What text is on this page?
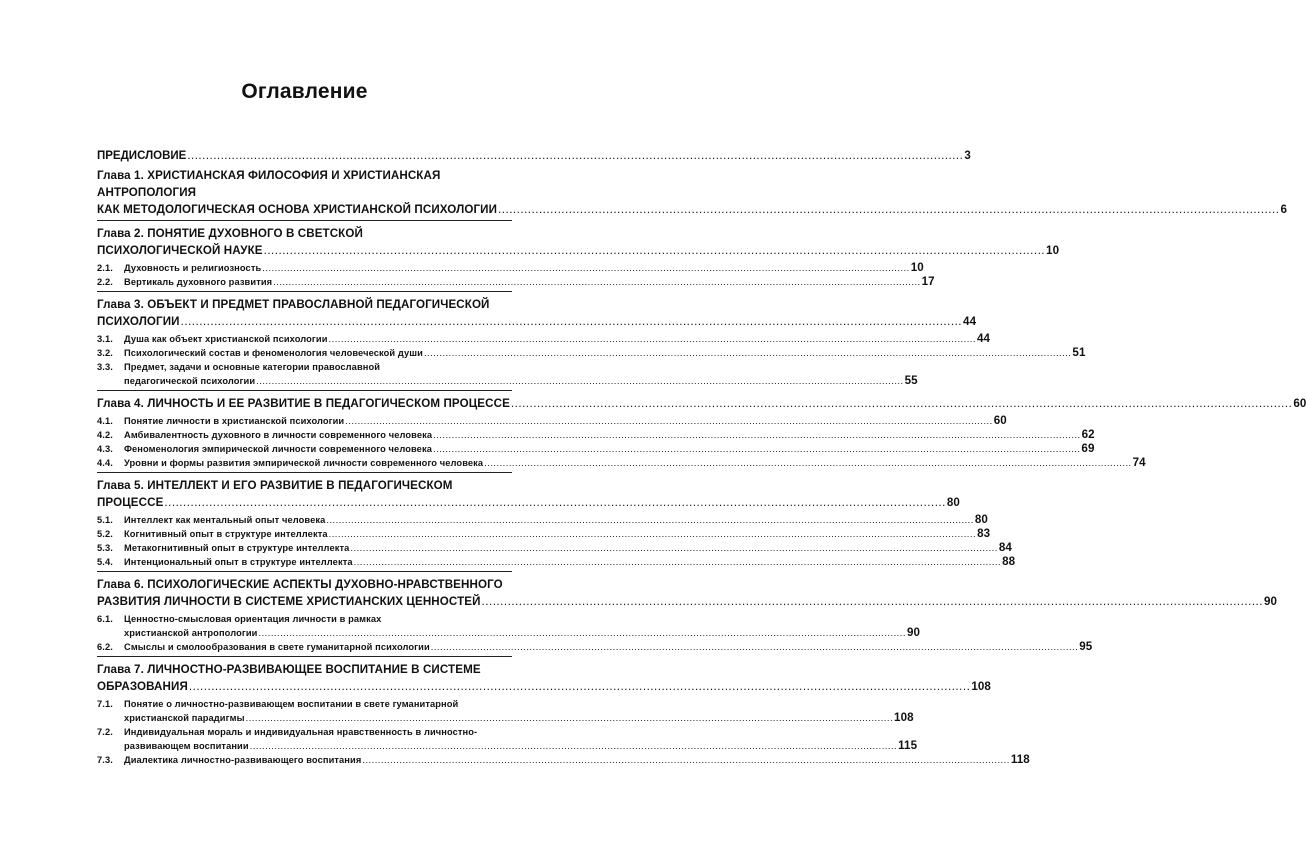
Оглавление
ПРЕДИСЛОВИЕ .....	3
Глава 1. ХРИСТИАНСКАЯ ФИЛОСОФИЯ И ХРИСТИАНСКАЯ АНТРОПОЛОГИЯ
КАК МЕТОДОЛОГИЧЕСКАЯ ОСНОВА ХРИСТИАНСКОЙ ПСИХОЛОГИИ .....	6
Глава 2. ПОНЯТИЕ ДУХОВНОГО В СВЕТСКОЙ
ПСИХОЛОГИЧЕСКОЙ НАУКЕ .....	10
2.1.	Духовность и религиозность .....	10
2.2.	Вертикаль духовного развития .....	17
Глава 3. ОБЪЕКТ И ПРЕДМЕТ ПРАВОСЛАВНОЙ ПЕДАГОГИЧЕСКОЙ
ПСИХОЛОГИИ .....	44
3.1.	Душа как объект христианской психологии .....	44
3.2.	Психологический состав и феноменология человеческой души .....	51
3.3.	Предмет, задачи и основные категории православной
педагогической психологии .....	55
Глава 4. ЛИЧНОСТЬ И ЕЕ РАЗВИТИЕ В ПЕДАГОГИЧЕСКОМ ПРОЦЕССЕ .....	60
4.1.	Понятие личности в христианской психологии .....	60
4.2.	Амбивалентность духовного в личности современного человека .....	62
4.3.	Феноменология эмпирической личности современного человека .....	69
4.4.	Уровни и формы развития эмпирической личности современного человека .....	74
Глава 5. ИНТЕЛЛЕКТ И ЕГО РАЗВИТИЕ В ПЕДАГОГИЧЕСКОМ
ПРОЦЕССЕ .....	80
5.1.	Интеллект как ментальный опыт человека .....	80
5.2.	Когнитивный опыт в структуре интеллекта .....	83
5.3.	Метакогнитивный опыт в структуре интеллекта .....	84
5.4.	Интенциональный опыт в структуре интеллекта .....	88
Глава 6. ПСИХОЛОГИЧЕСКИЕ АСПЕКТЫ ДУХОВНО-НРАВСТВЕННОГО
РАЗВИТИЯ ЛИЧНОСТИ В СИСТЕМЕ ХРИСТИАНСКИХ ЦЕННОСТЕЙ .....	90
6.1.	Ценностно-смысловая ориентация личности в рамках
христианской антропологии .....	90
6.2.	Смыслы и смолообразования в свете гуманитарной психологии .....	95
Глава 7. ЛИЧНОСТНО-РАЗВИВАЮЩЕЕ ВОСПИТАНИЕ В СИСТЕМЕ
ОБРАЗОВАНИЯ .....	108
7.1.	Понятие о личностно-развивающем воспитании в свете гуманитарной
христианской парадигмы .....	108
7.2.	Индивидуальная мораль и индивидуальная нравственность в личностно-
развивающем воспитании .....	115
7.3.	Диалектика личностно-развивающего воспитания .....	118
